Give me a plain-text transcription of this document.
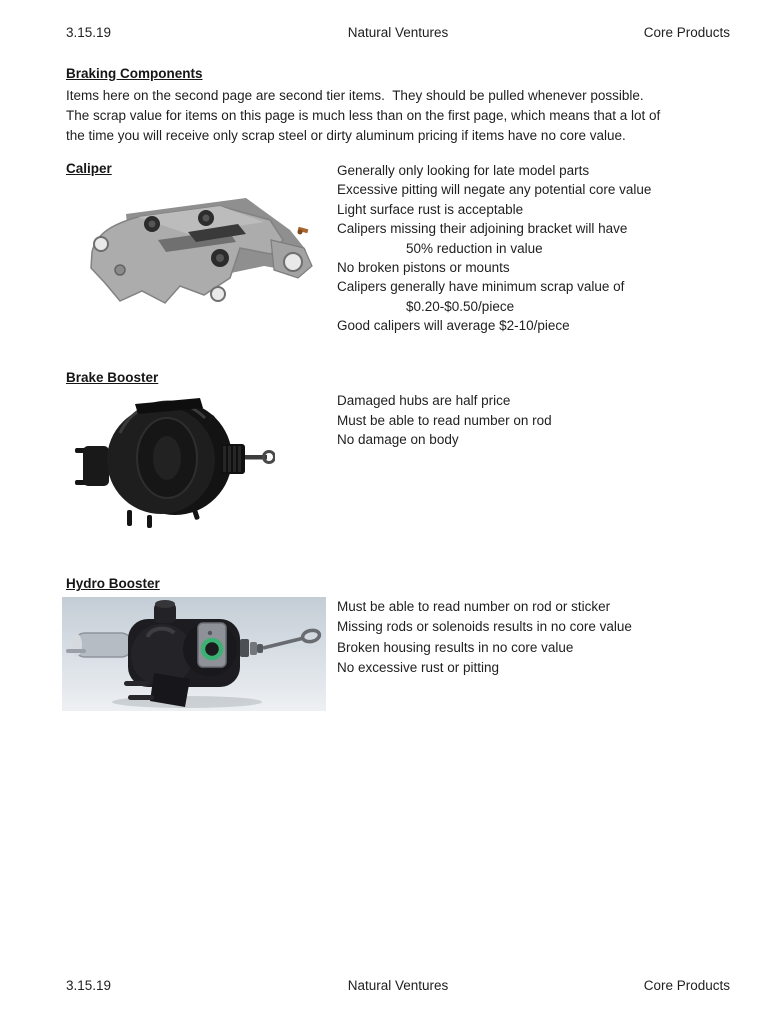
3.15.19	Natural Ventures	Core Products
Braking Components
Items here on the second page are second tier items.  They should be pulled whenever possible.
The scrap value for items on this page is much less than on the first page, which means that a lot of
the time you will receive only scrap steel or dirty aluminum pricing if items have no core value.
Caliper	Generally only looking for late model parts
Excessive pitting will negate any potential core value
Light surface rust is acceptable
Calipers missing their adjoining bracket will have
50% reduction in value
No broken pistons or mounts
Calipers generally have minimum scrap value of
$0.20-$0.50/piece
Good calipers will average $2-10/piece
Brake Booster
Damaged hubs are half price
Must be able to read number on rod
No damage on body
Hydro Booster
Must be able to read number on rod or sticker
Missing rods or solenoids results in no core value
Broken housing results in no core value
No excessive rust or pitting
3.15.19	Natural Ventures	Core Products
